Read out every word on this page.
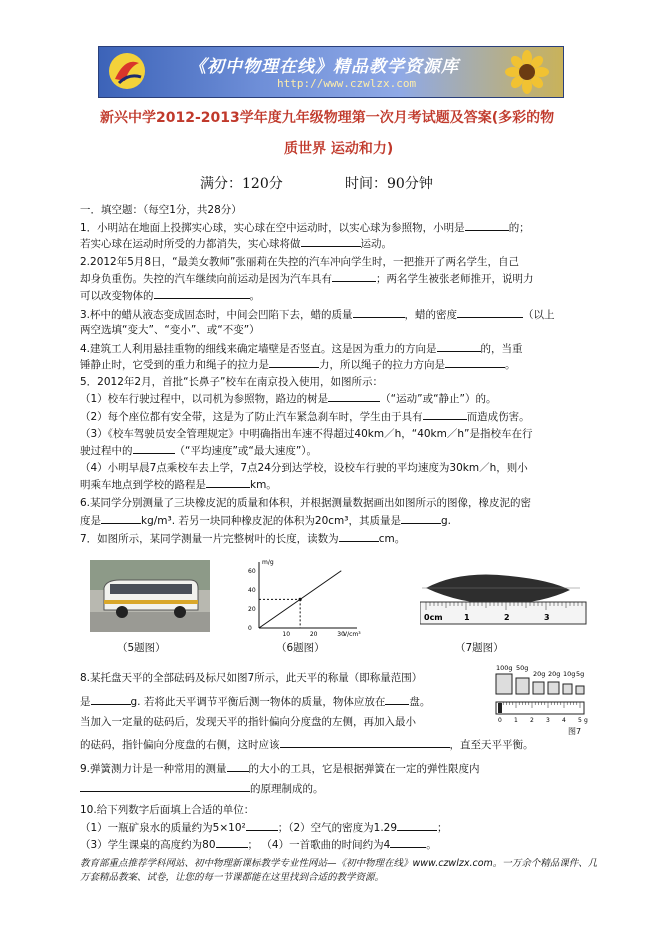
《初中物理在线》精品教学资源库
http://www.czwlzx.com
新兴中学2012-2013学年度九年级物理第一次月考试题及答案(多彩的物
质世界 运动和力)
满分：120分	时间：90分钟
一．填空题：（每空1分，共28分）
1．小明站在地面上投掷实心球，实心球在空中运动时，以实心球为参照物，小明是	的；
若实心球在运动时所受的力都消失，实心球将做	运动。
2.2012年5月8日，“最美女教师”张丽莉在失控的汽车冲向学生时，一把推开了两名学生，自己
却身负重伤。失控的汽车继续向前运动是因为汽车具有	；两名学生被张老师推开，说明力
可以改变物体的	。
3.杯中的蜡从液态变成固态时，中间会凹陷下去，蜡的质量	，蜡的密度	（以上
两空选填“变大”、“变小”、或“不变”）
4.建筑工人利用悬挂重物的细线来确定墙壁是否竖直。这是因为重力的方向是	的，当重
锤静止时，它受到的重力和绳子的拉力是	力，所以绳子的拉力方向是	。
5．2012年2月，首批“长鼻子”校车在南京投入使用，如图所示：
（1）校车行驶过程中，以司机为参照物，路边的树是	（“运动”或“静止”）的。
（2）每个座位都有安全带，这是为了防止汽车紧急刹车时，学生由于具有	而造成伤害。
（3）《校车驾驶员安全管理规定》中明确指出车速不得超过40km／h，“40km／h”是指校车在行
驶过程中的	（“平均速度”或“最大速度”）。
（4）小明早晨7点乘校车去上学，7点24分到达学校，设校车行驶的平均速度为30km／h，则小
明乘车地点到学校的路程是	km。
6.某同学分别测量了三块橡皮泥的质量和体积，并根据测量数据画出如图所示的图像，橡皮泥的密
度是	kg/m³. 若另一块同种橡皮泥的体积为20cm³，其质量是	g.
7．如图所示，某同学测量一片完整树叶的长度，读数为	cm。
m/g
V/cm³
60
40
20
0
10	20	30
0cm	1	2	3
（5题图）	（6题图）	（7题图）
8.某托盘天平的全部砝码及标尺如图7所示，此天平的称量（即称量范围）
是	g. 若将此天平调节平衡后测一物体的质量，物体应放在 盘。
当加入一定量的砝码后，发现天平的指针偏向分度盘的左侧，再加入最小
的砝码，指针偏向分度盘的右侧，这时应该	，直至天平平衡。
100g 50g
20g 20g 10g 5g
0 1 2 3 4 5 g
图7
9.弹簧测力计是一种常用的测量 的大小的工具，它是根据弹簧在一定的弹性限度内
的原理制成的。
10.给下列数字后面填上合适的单位：
（1）一瓶矿泉水的质量约为5×10²	；（2）空气的密度为1.29	；
（3）学生课桌的高度约为80	； （4）一首歌曲的时间约为4	。
教育部重点推荐学科网站、初中物理新课标教学专业性网站—《初中物理在线》www.czwlzx.com。一万余个精品课件、几万套精品教案、试卷，让您的每一节课都能在这里找到合适的教学资源。
